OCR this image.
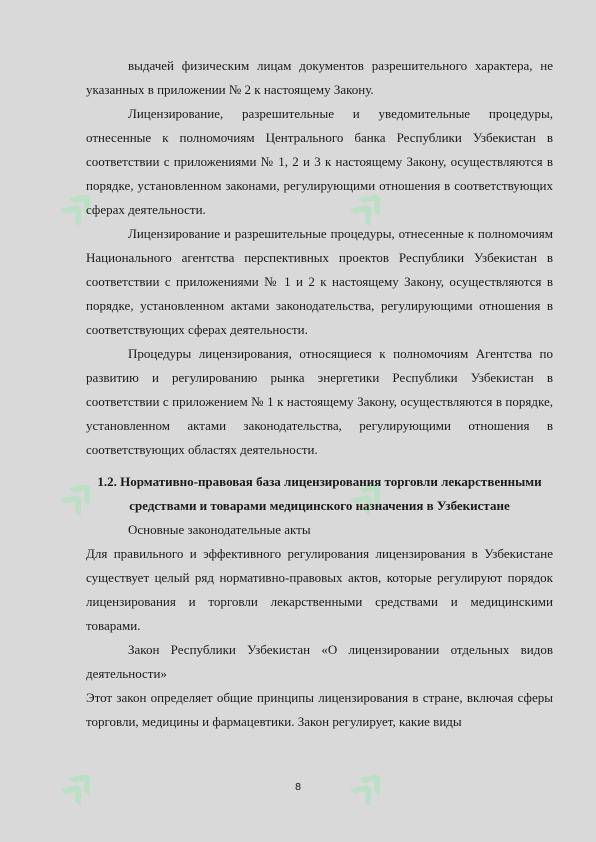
»	»
»	»
»	»

выдачей физическим лицам документов разрешительного характера, не указанных в приложении № 2 к настоящему Закону.

Лицензирование, разрешительные и уведомительные процедуры, отнесенные к полномочиям Центрального банка Республики Узбекистан в соответствии с приложениями № 1, 2 и 3 к настоящему Закону, осуществляются в порядке, установленном законами, регулирующими отношения в соответствующих сферах деятельности.

Лицензирование и разрешительные процедуры, отнесенные к полномочиям Национального агентства перспективных проектов Республики Узбекистан в соответствии с приложениями № 1 и 2 к настоящему Закону, осуществляются в порядке, установленном актами законодательства, регулирующими отношения в соответствующих сферах деятельности.

Процедуры лицензирования, относящиеся к полномочиям Агентства по развитию и регулированию рынка энергетики Республики Узбекистан в соответствии с приложением № 1 к настоящему Закону, осуществляются в порядке, установленном актами законодательства, регулирующими отношения в соответствующих областях деятельности.

1.2. Нормативно-правовая база лицензирования торговли лекарственными средствами и товарами медицинского назначения в Узбекистане

Основные законодательные акты

Для правильного и эффективного регулирования лицензирования в Узбекистане существует целый ряд нормативно-правовых актов, которые регулируют порядок лицензирования и торговли лекарственными средствами и медицинскими товарами.

Закон Республики Узбекистан «О лицензировании отдельных видов деятельности»

Этот закон определяет общие принципы лицензирования в стране, включая сферы торговли, медицины и фармацевтики. Закон регулирует, какие виды

8
